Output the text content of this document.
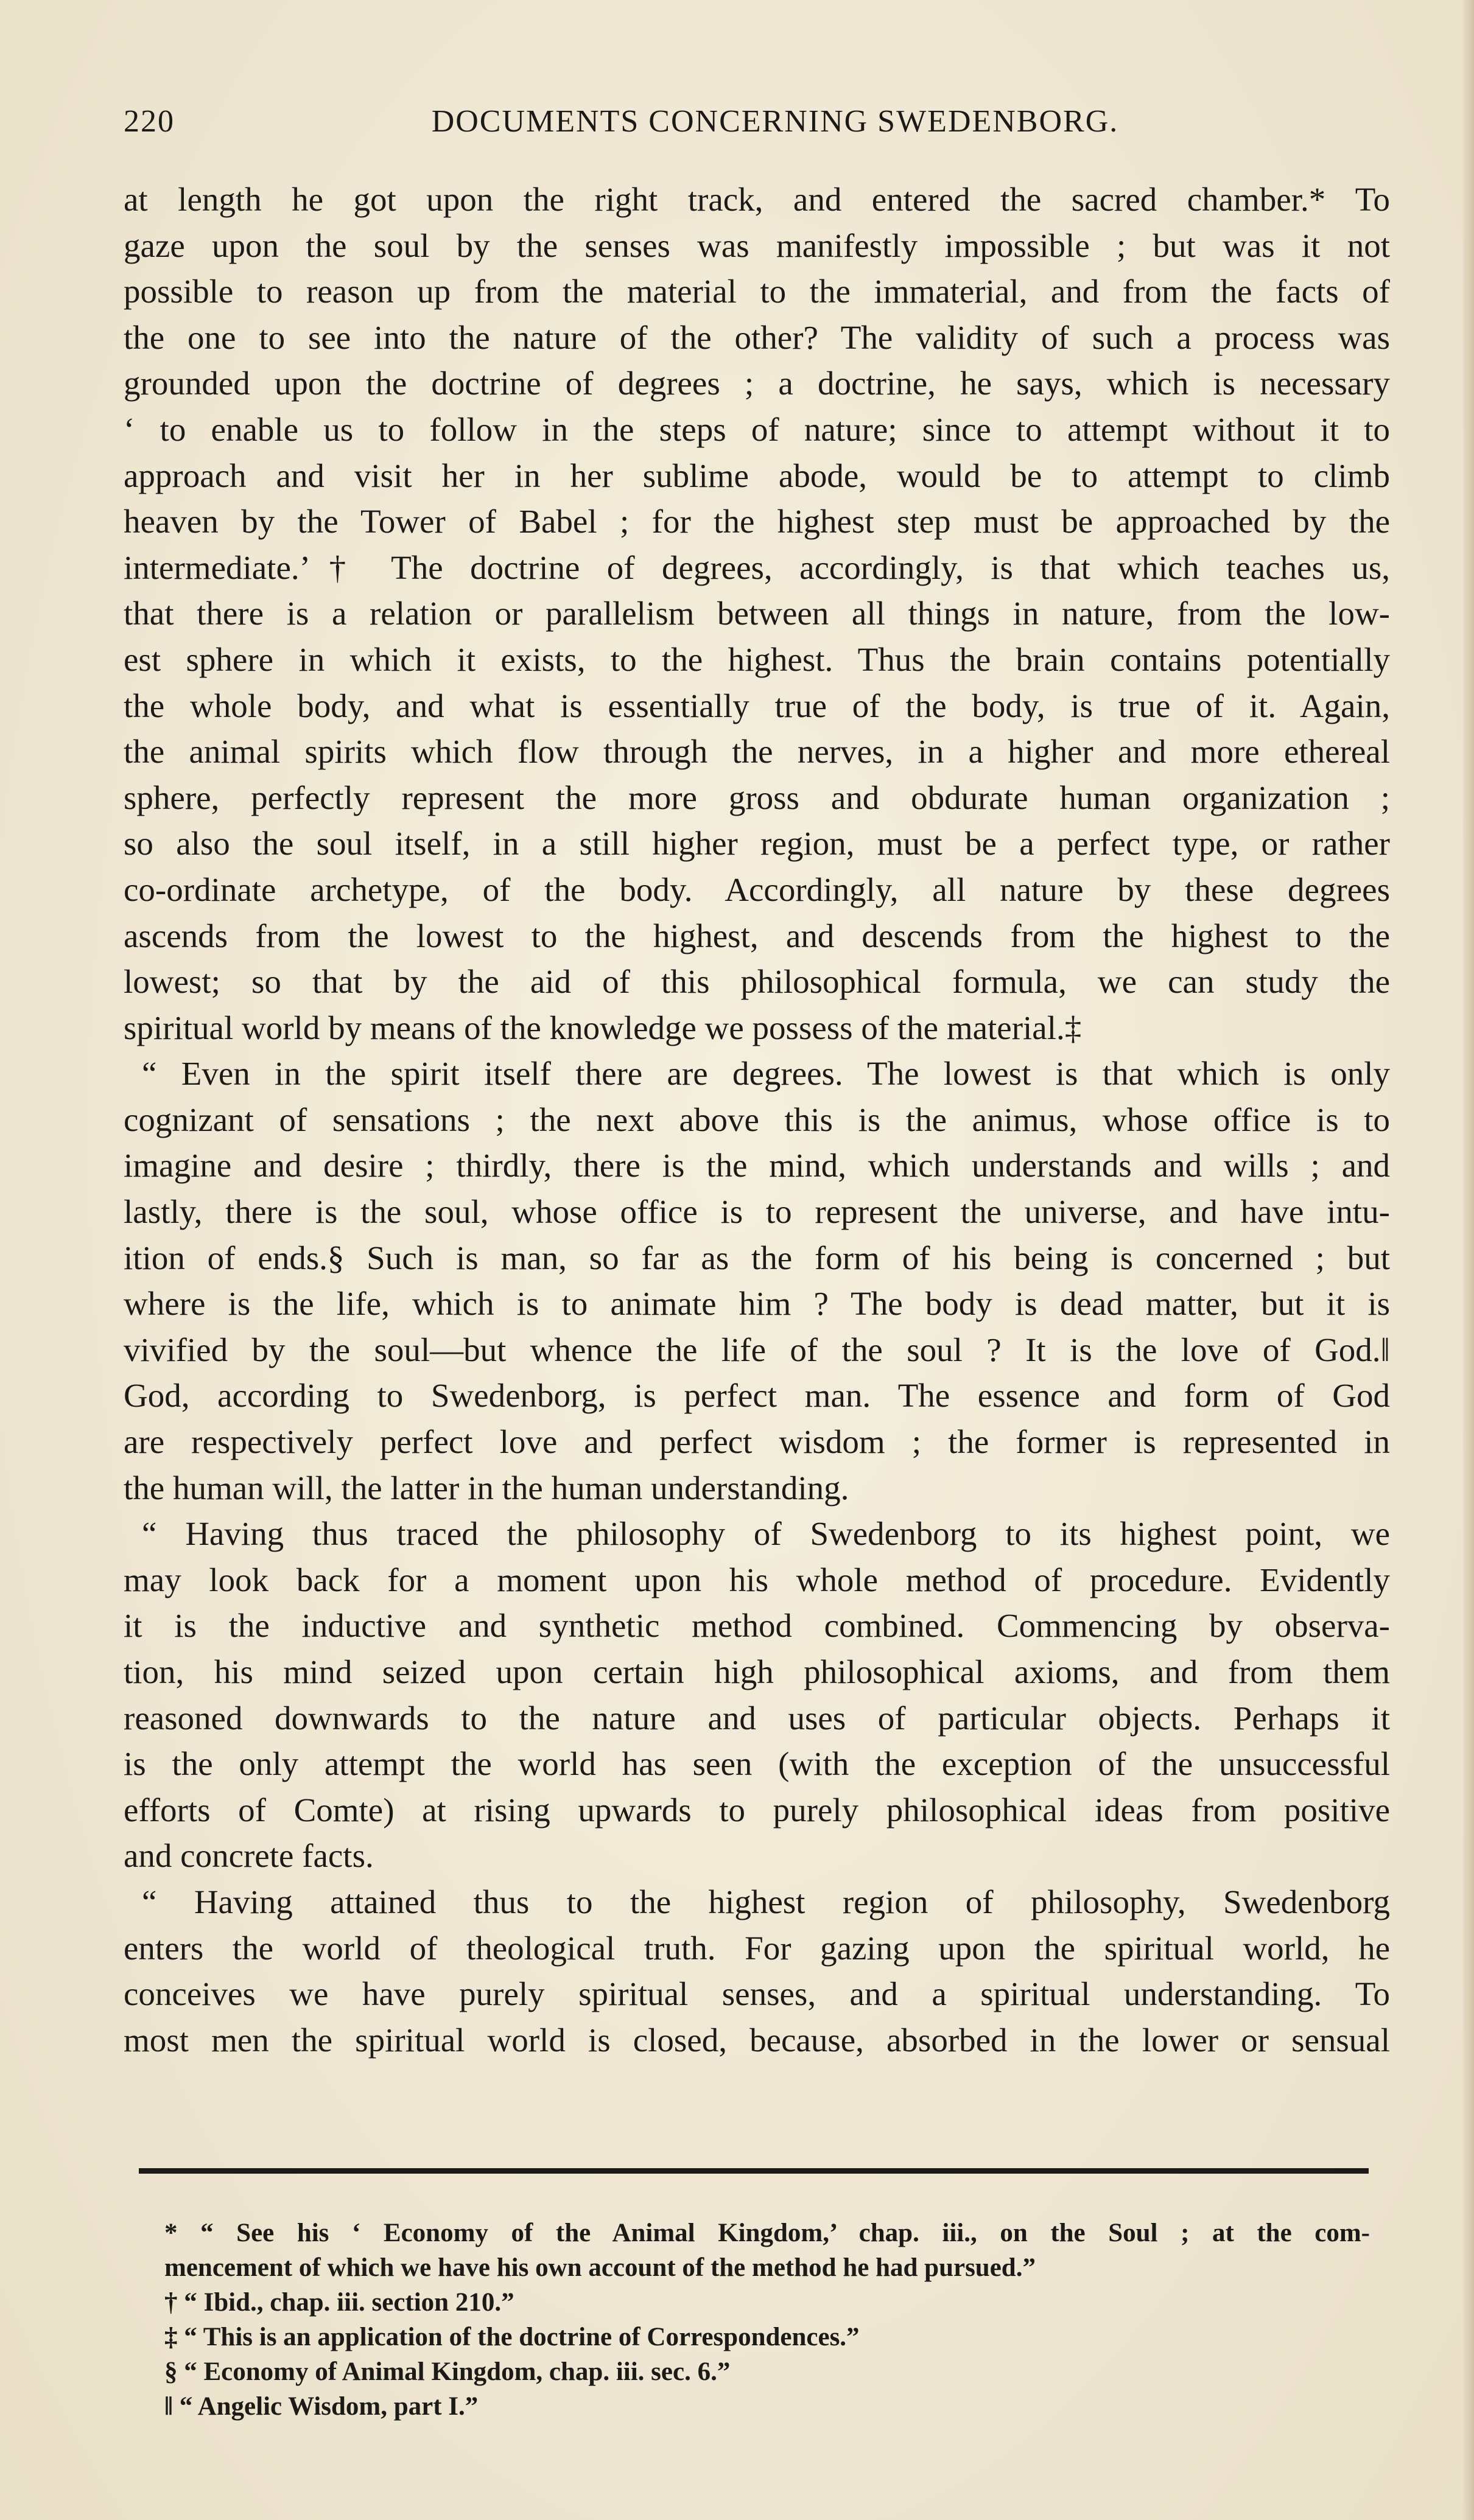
220	DOCUMENTS CONCERNING SWEDENBORG.
at length he got upon the right track, and entered the sacred chamber.* To
gaze upon the soul by the senses was manifestly impossible ; but was it not
possible to reason up from the material to the immaterial, and from the facts of
the one to see into the nature of the other? The validity of such a process was
grounded upon the doctrine of degrees ; a doctrine, he says, which is necessary
‘ to enable us to follow in the steps of nature; since to attempt without it to
approach and visit her in her sublime abode, would be to attempt to climb
heaven by the Tower of Babel ; for the highest step must be approached by the
intermediate.’† The doctrine of degrees, accordingly, is that which teaches us,
that there is a relation or parallelism between all things in nature, from the low-
est sphere in which it exists, to the highest. Thus the brain contains potentially
the whole body, and what is essentially true of the body, is true of it. Again,
the animal spirits which flow through the nerves, in a higher and more ethereal
sphere, perfectly represent the more gross and obdurate human organization ;
so also the soul itself, in a still higher region, must be a perfect type, or rather
co-ordinate archetype, of the body. Accordingly, all nature by these degrees
ascends from the lowest to the highest, and descends from the highest to the
lowest; so that by the aid of this philosophical formula, we can study the
spiritual world by means of the knowledge we possess of the material.‡
“ Even in the spirit itself there are degrees. The lowest is that which is only
cognizant of sensations ; the next above this is the animus, whose office is to
imagine and desire ; thirdly, there is the mind, which understands and wills ; and
lastly, there is the soul, whose office is to represent the universe, and have intu-
ition of ends.§ Such is man, so far as the form of his being is concerned ; but
where is the life, which is to animate him ? The body is dead matter, but it is
vivified by the soul—but whence the life of the soul ? It is the love of God.‖
God, according to Swedenborg, is perfect man. The essence and form of God
are respectively perfect love and perfect wisdom ; the former is represented in
the human will, the latter in the human understanding.
“ Having thus traced the philosophy of Swedenborg to its highest point, we
may look back for a moment upon his whole method of procedure. Evidently
it is the inductive and synthetic method combined. Commencing by observa-
tion, his mind seized upon certain high philosophical axioms, and from them
reasoned downwards to the nature and uses of particular objects. Perhaps it
is the only attempt the world has seen (with the exception of the unsuccessful
efforts of Comte) at rising upwards to purely philosophical ideas from positive
and concrete facts.
“ Having attained thus to the highest region of philosophy, Swedenborg
enters the world of theological truth. For gazing upon the spiritual world, he
conceives we have purely spiritual senses, and a spiritual understanding. To
most men the spiritual world is closed, because, absorbed in the lower or sensual
* “ See his ‘ Economy of the Animal Kingdom,’ chap. iii., on the Soul ; at the com-
mencement of which we have his own account of the method he had pursued.”
† “ Ibid., chap. iii. section 210.”
‡ “ This is an application of the doctrine of Correspondences.”
§ “ Economy of Animal Kingdom, chap. iii. sec. 6.”
‖ “ Angelic Wisdom, part I.”
